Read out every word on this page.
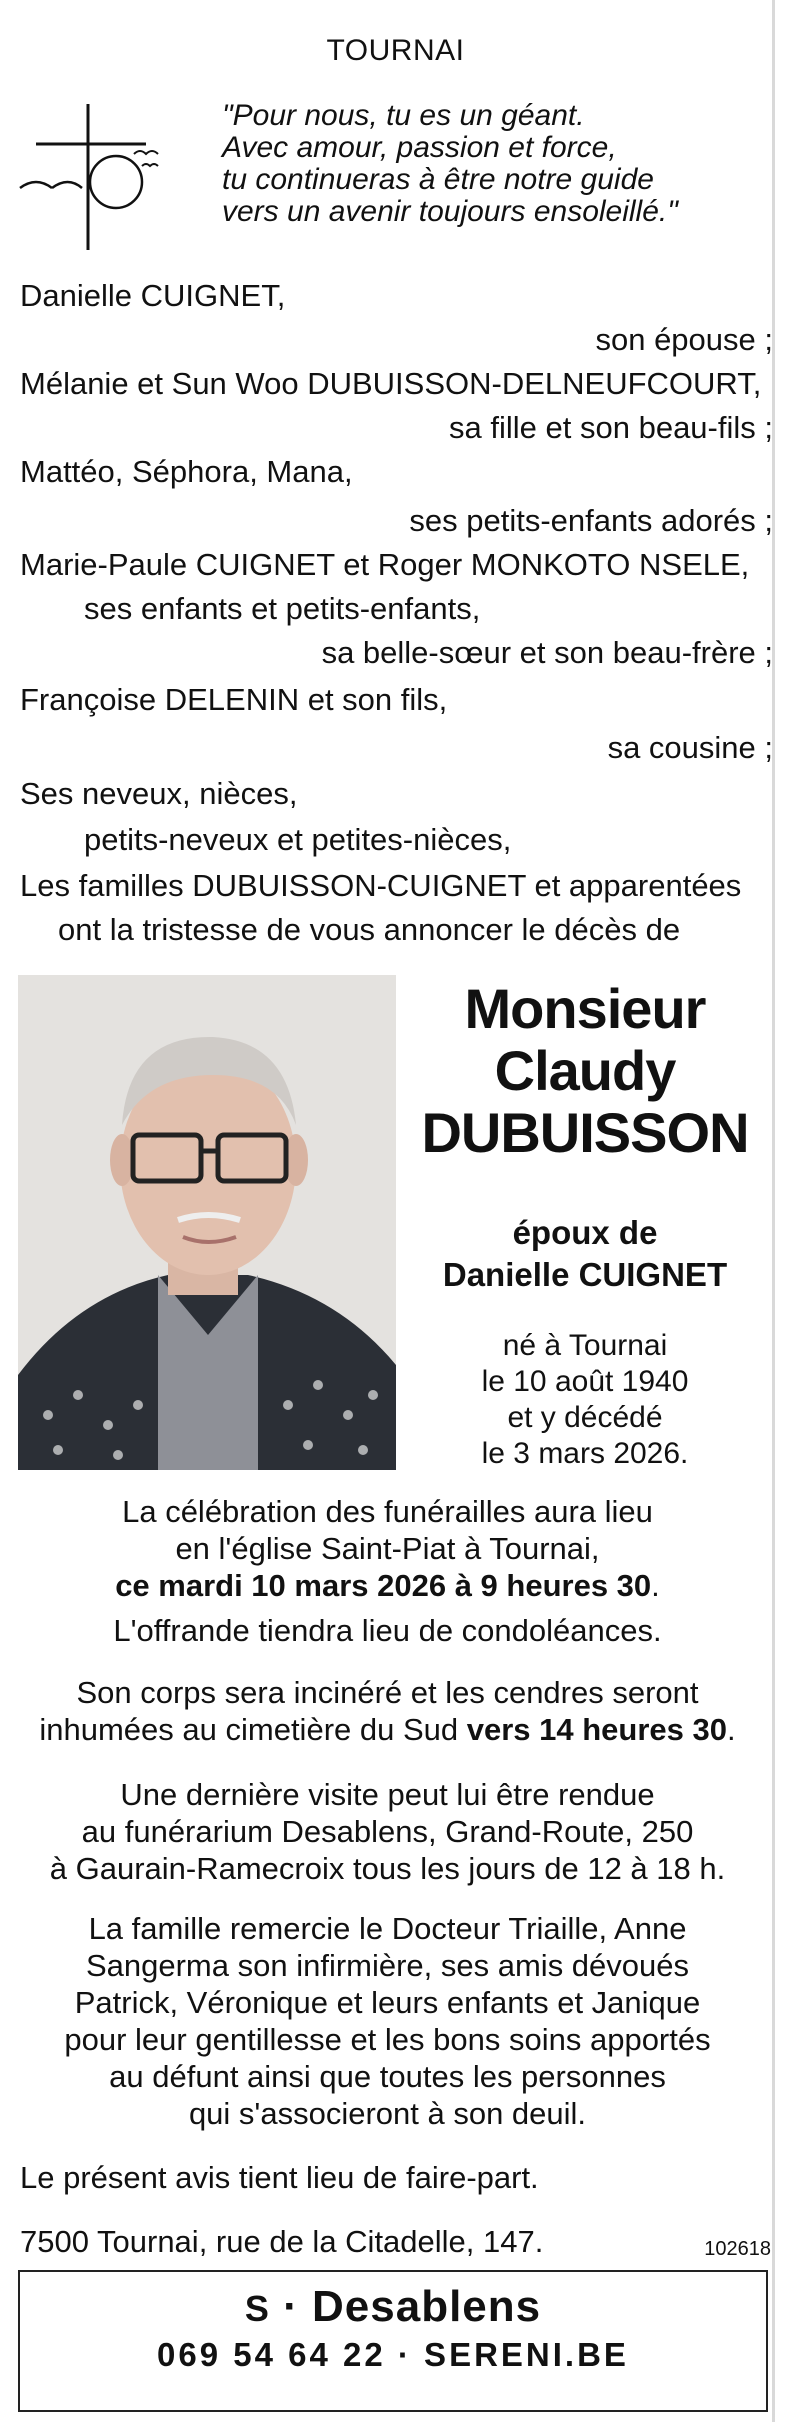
TOURNAI
"Pour nous, tu es un géant.
Avec amour, passion et force,
tu continueras à être notre guide
vers un avenir toujours ensoleillé."
Danielle CUIGNET,
son épouse ;
Mélanie et Sun Woo DUBUISSON-DELNEUFCOURT,
sa fille et son beau-fils ;
Mattéo, Séphora, Mana,
ses petits-enfants adorés ;
Marie-Paule CUIGNET et Roger MONKOTO NSELE,
ses enfants et petits-enfants,
sa belle-sœur et son beau-frère ;
Françoise DELENIN et son fils,
sa cousine ;
Ses neveux, nièces,
petits-neveux et petites-nièces,
Les familles DUBUISSON-CUIGNET et apparentées
ont la tristesse de vous annoncer le décès de
Monsieur
Claudy
DUBUISSON
époux de
Danielle CUIGNET
né à Tournai
le 10 août 1940
et y décédé
le 3 mars 2026.
La célébration des funérailles aura lieu
en l'église Saint-Piat à Tournai,
ce mardi 10 mars 2026 à 9 heures 30.
L'offrande tiendra lieu de condoléances.
Son corps sera incinéré et les cendres seront
inhumées au cimetière du Sud vers 14 heures 30.
Une dernière visite peut lui être rendue
au funérarium Desablens, Grand-Route, 250
à Gaurain-Ramecroix tous les jours de 12 à 18 h.
La famille remercie le Docteur Triaille, Anne
Sangerma son infirmière, ses amis dévoués
Patrick, Véronique et leurs enfants et Janique
pour leur gentillesse et les bons soins apportés
au défunt ainsi que toutes les personnes
qui s'associeront à son deuil.
Le présent avis tient lieu de faire-part.
7500 Tournai, rue de la Citadelle, 147.	102618
S · Desablens
069 54 64 22 · SERENI.BE
